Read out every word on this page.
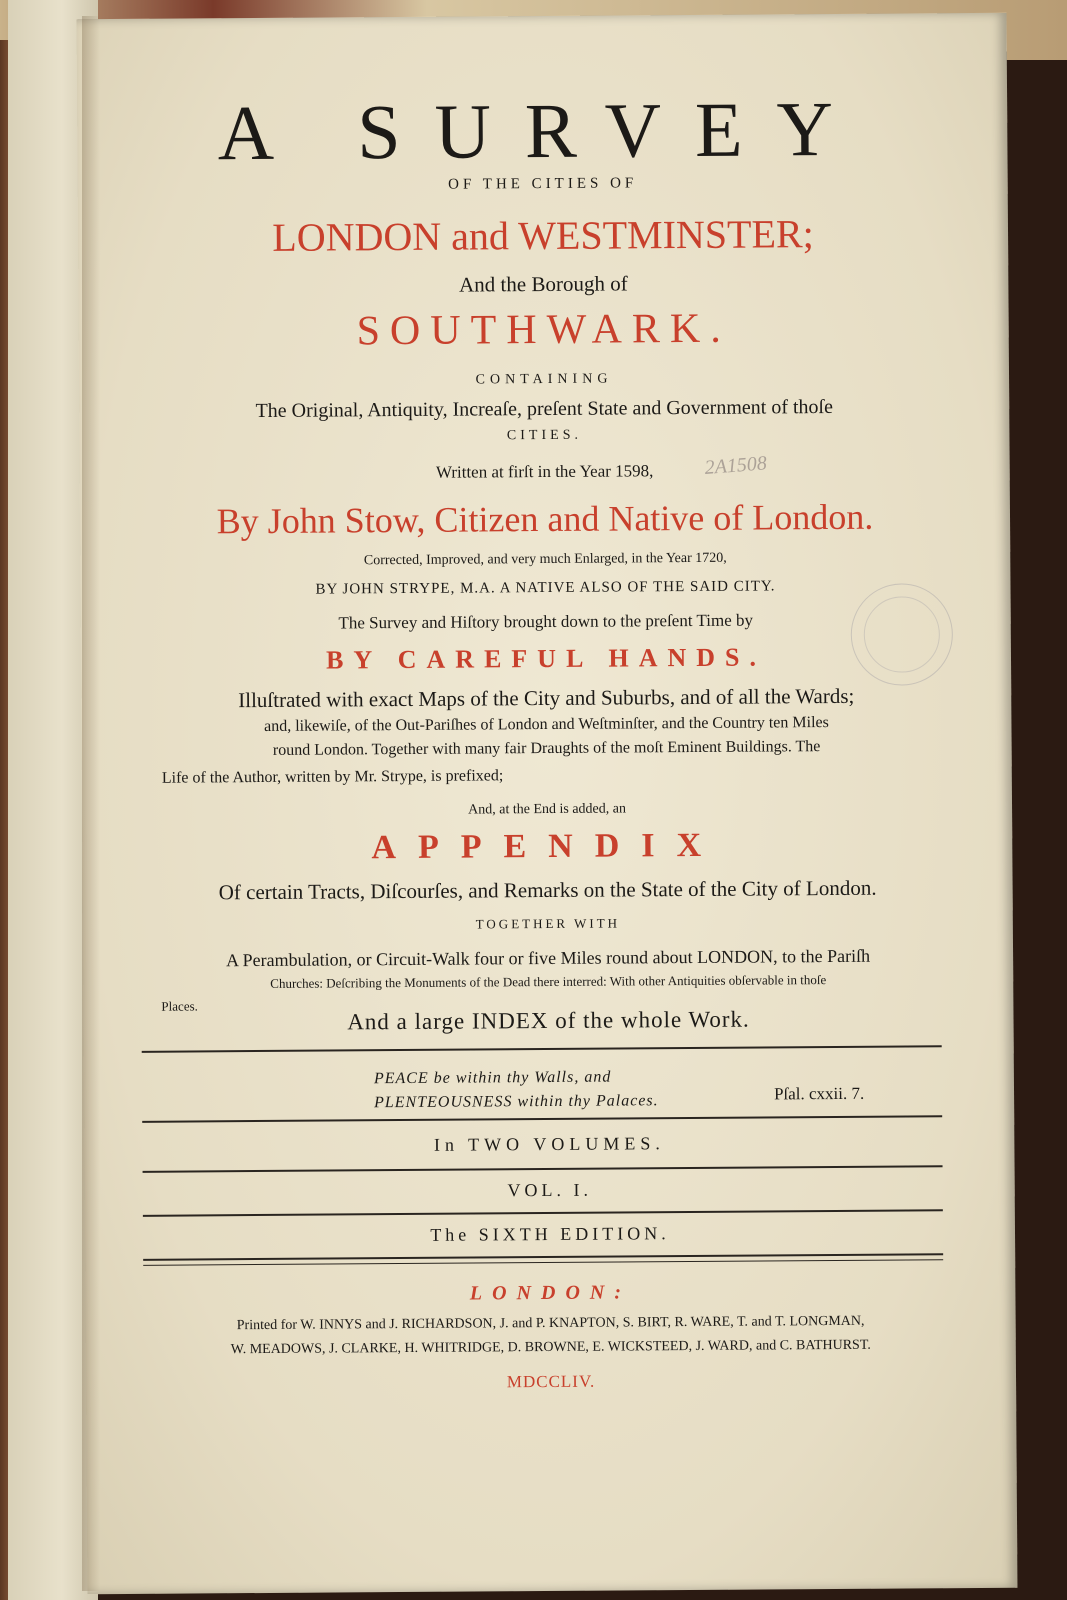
A SURVEY
OF THE CITIES OF
LONDON and WESTMINSTER;
And the Borough of
SOUTHWARK.
CONTAINING
The Original, Antiquity, Increaſe, preſent State and Government of thoſe
CITIES.
Written at firſt in the Year 1598,
By John Stow, Citizen and Native of London.
Corrected, Improved, and very much Enlarged, in the Year 1720,
BY JOHN STRYPE, M.A. A NATIVE ALSO OF THE SAID CITY.
The Survey and Hiſtory brought down to the preſent Time by
BY CAREFUL HANDS.
Illuſtrated with exact Maps of the City and Suburbs, and of all the Wards;
and, likewiſe, of the Out-Pariſhes of London and Weſtminſter, and the Country ten Miles
round London. Together with many fair Draughts of the moſt Eminent Buildings. The
Life of the Author, written by Mr. Strype, is prefixed;
And, at the End is added, an
APPENDIX
Of certain Tracts, Diſcourſes, and Remarks on the State of the City of London.
TOGETHER WITH
A Perambulation, or Circuit-Walk four or five Miles round about LONDON, to the Pariſh
Churches: Deſcribing the Monuments of the Dead there interred: With other Antiquities obſervable in thoſe
Places.
And a large INDEX of the whole Work.
PEACE be within thy Walls, and
PLENTEOUSNESS within thy Palaces.	Pſal. cxxii. 7.
In TWO VOLUMES.
VOL. I.
The SIXTH EDITION.
LONDON:
Printed for W. INNYS and J. RICHARDSON, J. and P. KNAPTON, S. BIRT, R. WARE, T. and T. LONGMAN,
W. MEADOWS, J. CLARKE, H. WHITRIDGE, D. BROWNE, E. WICKSTEED, J. WARD, and C. BATHURST.
MDCCLIV.
2A1508
